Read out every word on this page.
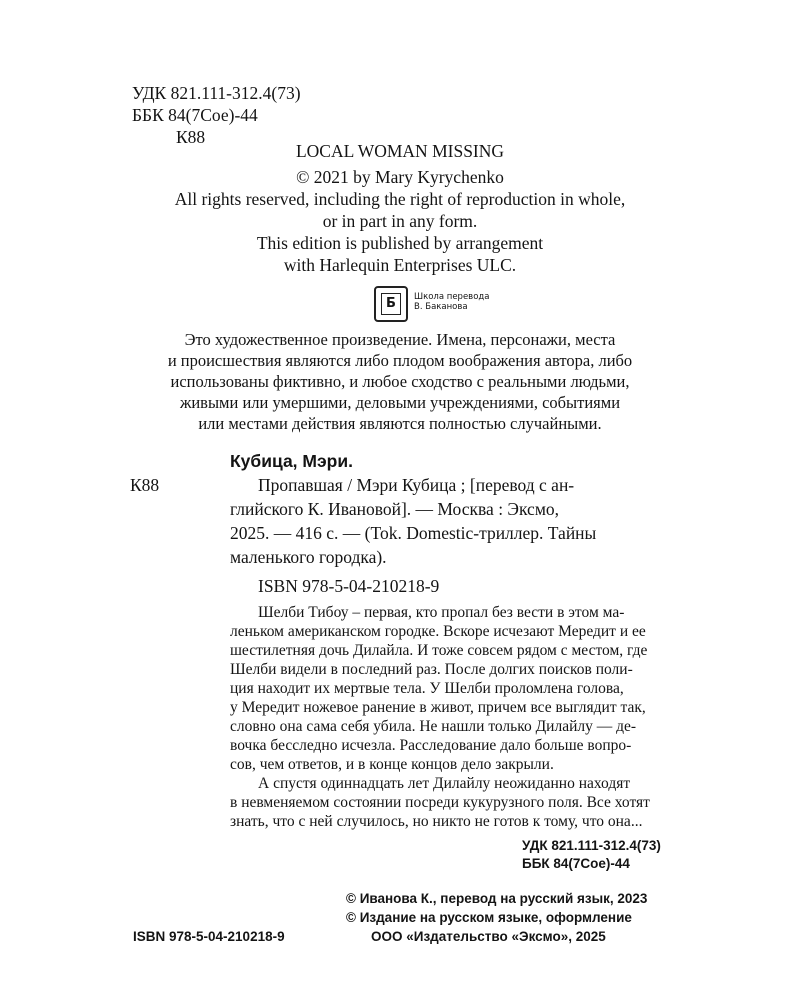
УДК 821.111-312.4(73)
ББК 84(7Сое)-44
К88
LOCAL WOMAN MISSING
© 2021 by Mary Kyrychenko
All rights reserved, including the right of reproduction in whole,
or in part in any form.
This edition is published by arrangement
with Harlequin Enterprises ULC.
Б Школа перевода
В. Баканова
Это художественное произведение. Имена, персонажи, места
и происшествия являются либо плодом воображения автора, либо
использованы фиктивно, и любое сходство с реальными людьми,
живыми или умершими, деловыми учреждениями, событиями
или местами действия являются полностью случайными.
Кубица, Мэри.
К88	Пропавшая / Мэри Кубица ; [перевод с ан-
глийского К. Ивановой]. — Москва : Эксмо,
2025. — 416 с. — (Tok. Domestic-триллер. Тайны
маленького городка).
ISBN 978-5-04-210218-9
Шелби Тибоу – первая, кто пропал без вести в этом ма-
леньком американском городке. Вскоре исчезают Мередит и ее
шестилетняя дочь Дилайла. И тоже совсем рядом с местом, где
Шелби видели в последний раз. После долгих поисков поли-
ция находит их мертвые тела. У Шелби проломлена голова,
у Мередит ножевое ранение в живот, причем все выглядит так,
словно она сама себя убила. Не нашли только Дилайлу — де-
вочка бесследно исчезла. Расследование дало больше вопро-
сов, чем ответов, и в конце концов дело закрыли.
А спустя одиннадцать лет Дилайлу неожиданно находят
в невменяемом состоянии посреди кукурузного поля. Все хотят
знать, что с ней случилось, но никто не готов к тому, что она...
УДК 821.111-312.4(73)
ББК 84(7Сое)-44
© Иванова К., перевод на русский язык, 2023
© Издание на русском языке, оформление
ISBN 978-5-04-210218-9	ООО «Издательство «Эксмо», 2025
